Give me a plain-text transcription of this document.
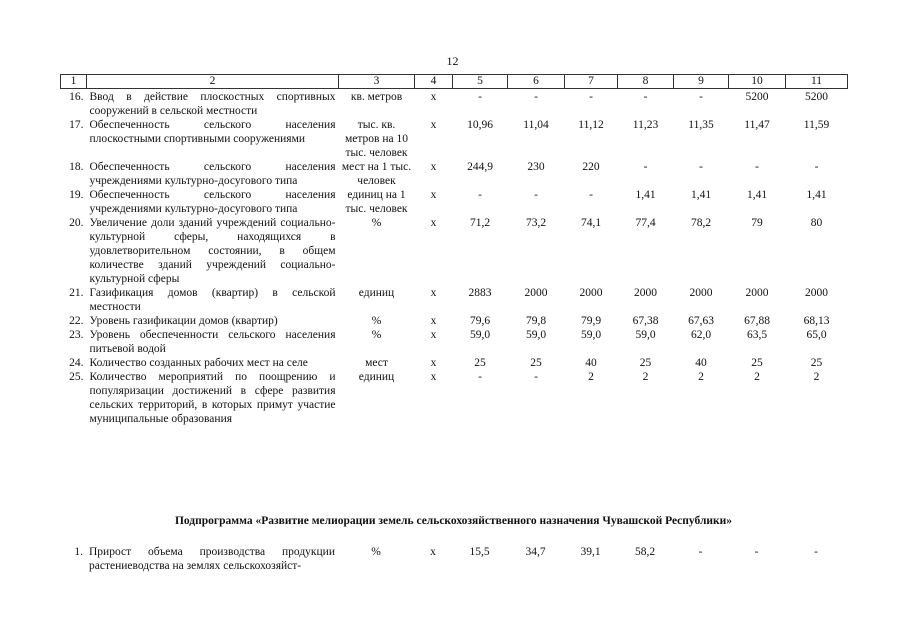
12
1	2	3	4	5	6	7	8	9	10	11
16.	Ввод в действие плоскостных спортивных сооружений в сельской местности	кв. метров	х	-	-	-	-	-	5200	5200
17.	Обеспеченность сельского населения плоскостными спортивными сооружениями	тыс. кв. метров на 10 тыс. человек	х	10,96	11,04	11,12	11,23	11,35	11,47	11,59
18.	Обеспеченность сельского населения учреждениями культурно-досугового типа	мест на 1 тыс. человек	х	244,9	230	220	-	-	-	-
19.	Обеспеченность сельского населения учреждениями культурно-досугового типа	единиц на 1 тыс. человек	х	-	-	-	1,41	1,41	1,41	1,41
20.	Увеличение доли зданий учреждений социально-культурной сферы, находящихся в удовлетворительном состоянии, в общем количестве зданий учреждений социально-культурной сферы	%	х	71,2	73,2	74,1	77,4	78,2	79	80
21.	Газификация домов (квартир) в сельской местности	единиц	х	2883	2000	2000	2000	2000	2000	2000
22.	Уровень газификации домов (квартир)	%	х	79,6	79,8	79,9	67,38	67,63	67,88	68,13
23.	Уровень обеспеченности сельского населения питьевой водой	%	х	59,0	59,0	59,0	59,0	62,0	63,5	65,0
24.	Количество созданных рабочих мест на селе	мест	х	25	25	40	25	40	25	25
25.	Количество мероприятий по поощрению и популяризации достижений в сфере развития сельских территорий, в которых примут участие муниципальные образования	единиц	х	-	-	2	2	2	2	2
Подпрограмма «Развитие мелиорации земель сельскохозяйственного назначения Чувашской Республики»
1.	Прирост объема производства продукции растениеводства на землях сельскохозяйст-	%	х	15,5	34,7	39,1	58,2	-	-	-
